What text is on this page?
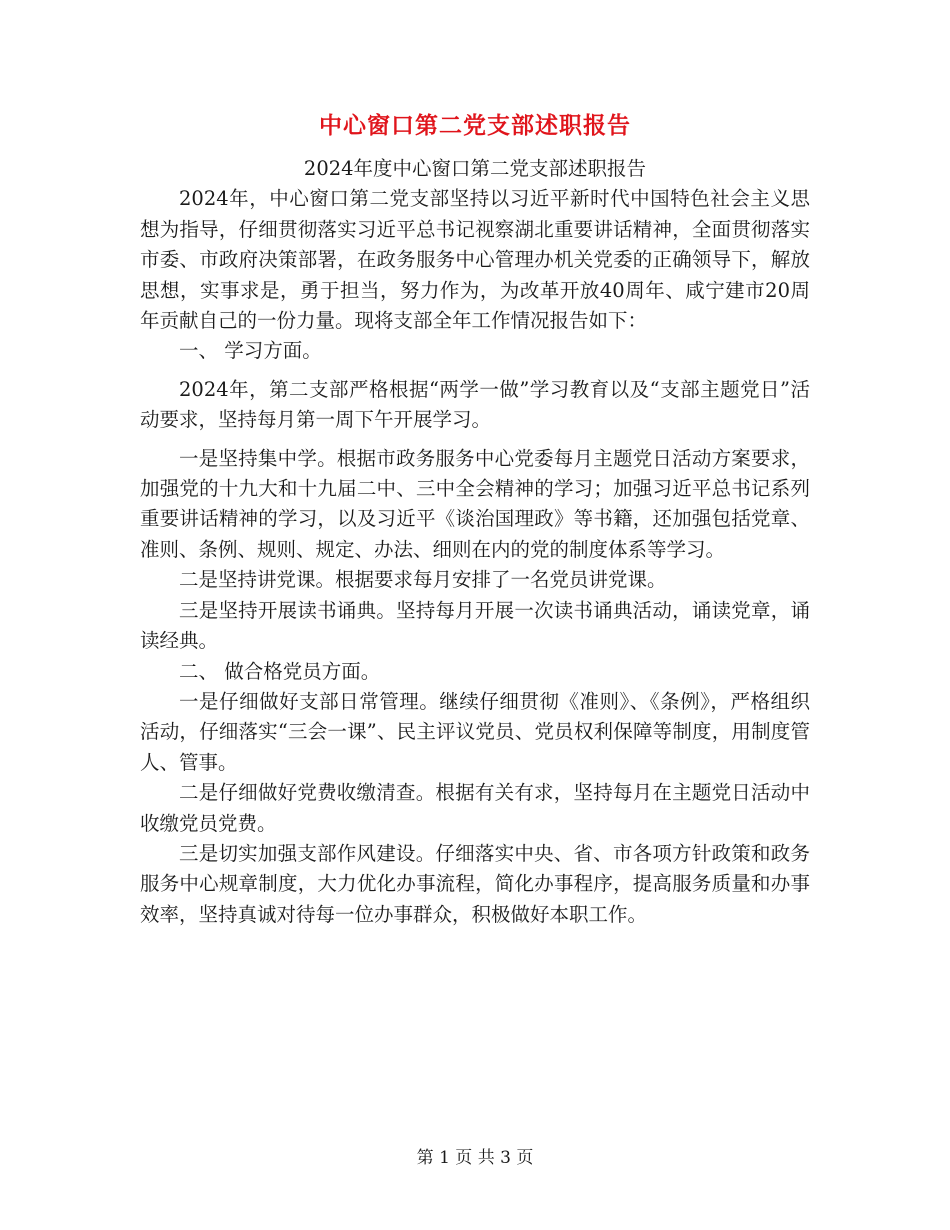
中心窗口第二党支部述职报告

2024年度中心窗口第二党支部述职报告

2024年，中心窗口第二党支部坚持以习近平新时代中国特色社会主义思想为指导，仔细贯彻落实习近平总书记视察湖北重要讲话精神，全面贯彻落实市委、市政府决策部署，在政务服务中心管理办机关党委的正确领导下，解放思想，实事求是，勇于担当，努力作为，为改革开放40周年、咸宁建市20周年贡献自己的一份力量。现将支部全年工作情况报告如下：

一、 学习方面。

2024年，第二支部严格根据“两学一做”学习教育以及“支部主题党日”活动要求，坚持每月第一周下午开展学习。

一是坚持集中学。根据市政务服务中心党委每月主题党日活动方案要求，加强党的十九大和十九届二中、三中全会精神的学习；加强习近平总书记系列重要讲话精神的学习，以及习近平《谈治国理政》等书籍，还加强包括党章、准则、条例、规则、规定、办法、细则在内的党的制度体系等学习。

二是坚持讲党课。根据要求每月安排了一名党员讲党课。

三是坚持开展读书诵典。坚持每月开展一次读书诵典活动，诵读党章，诵读经典。

二、 做合格党员方面。

一是仔细做好支部日常管理。继续仔细贯彻《准则》、《条例》，严格组织活动，仔细落实“三会一课”、民主评议党员、党员权利保障等制度，用制度管人、管事。

二是仔细做好党费收缴清查。根据有关有求，坚持每月在主题党日活动中收缴党员党费。

三是切实加强支部作风建设。仔细落实中央、省、市各项方针政策和政务服务中心规章制度，大力优化办事流程，简化办事程序，提高服务质量和办事效率，坚持真诚对待每一位办事群众，积极做好本职工作。

第 1 页 共 3 页
